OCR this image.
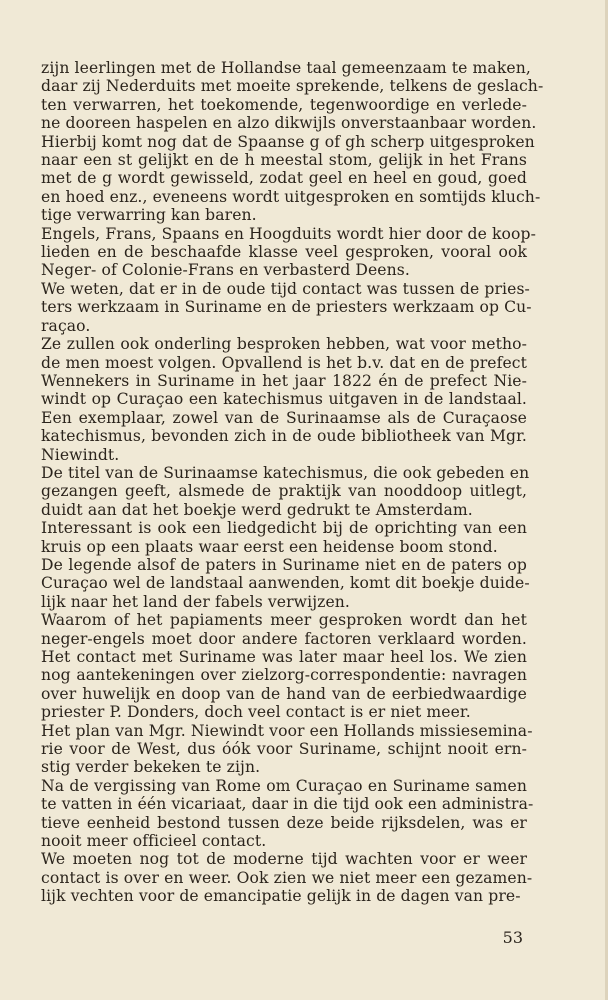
zijn leerlingen met de Hollandse taal gemeenzaam te maken,
daar zij Nederduits met moeite sprekende, telkens de geslach-
ten verwarren, het toekomende, tegenwoordige en verlede-
ne dooreen haspelen en alzo dikwijls onverstaanbaar worden.
Hierbij komt nog dat de Spaanse g of gh scherp uitgesproken
naar een st gelijkt en de h meestal stom, gelijk in het Frans
met de g wordt gewisseld, zodat geel en heel en goud, goed
en hoed enz., eveneens wordt uitgesproken en somtijds kluch-
tige verwarring kan baren.
Engels, Frans, Spaans en Hoogduits wordt hier door de koop-
lieden en de beschaafde klasse veel gesproken, vooral ook
Neger- of Colonie-Frans en verbasterd Deens.
We weten, dat er in de oude tijd contact was tussen de pries-
ters werkzaam in Suriname en de priesters werkzaam op Cu-
raçao.
Ze zullen ook onderling besproken hebben, wat voor metho-
de men moest volgen. Opvallend is het b.v. dat en de prefect
Wennekers in Suriname in het jaar 1822 én de prefect Nie-
windt op Curaçao een katechismus uitgaven in de landstaal.
Een exemplaar, zowel van de Surinaamse als de Curaçaose
katechismus, bevonden zich in de oude bibliotheek van Mgr.
Niewindt.
De titel van de Surinaamse katechismus, die ook gebeden en
gezangen geeft, alsmede de praktijk van nooddoop uitlegt,
duidt aan dat het boekje werd gedrukt te Amsterdam.
Interessant is ook een liedgedicht bij de oprichting van een
kruis op een plaats waar eerst een heidense boom stond.
De legende alsof de paters in Suriname niet en de paters op
Curaçao wel de landstaal aanwenden, komt dit boekje duide-
lijk naar het land der fabels verwijzen.
Waarom of het papiaments meer gesproken wordt dan het
neger-engels moet door andere factoren verklaard worden.
Het contact met Suriname was later maar heel los. We zien
nog aantekeningen over zielzorg-correspondentie: navragen
over huwelijk en doop van de hand van de eerbiedwaardige
priester P. Donders, doch veel contact is er niet meer.
Het plan van Mgr. Niewindt voor een Hollands missieseminа-
rie voor de West, dus óók voor Suriname, schijnt nooit ern-
stig verder bekeken te zijn.
Na de vergissing van Rome om Curaçao en Suriname samen
te vatten in één vicariaat, daar in die tijd ook een admini̇stra-
tieve eenheid bestond tussen deze beide rijksdelen, was er
nooit meer officieel contact.
We moeten nog tot de moderne tijd wachten voor er weer
contact is over en weer. Ook zien we niet meer een gezamen-
lijk vechten voor de emancipatie gelijk in de dagen van pre-
53
